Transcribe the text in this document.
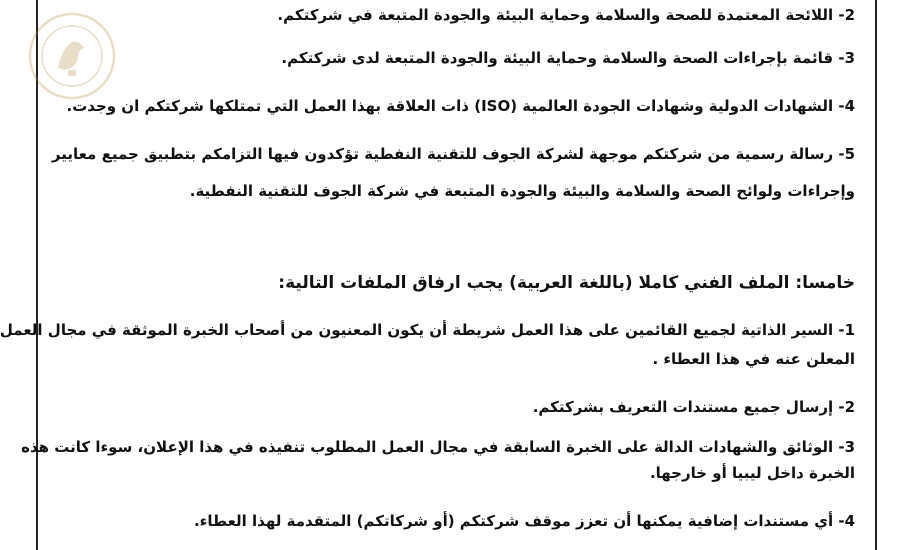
2- اللائحة المعتمدة للصحة والسلامة وحماية البيئة والجودة المتبعة في شركتكم.
3- قائمة بإجراءات الصحة والسلامة وحماية البيئة والجودة المتبعة لدى شركتكم.
4- الشهادات الدولية وشهادات الجودة العالمية (ISO) ذات العلاقة بهذا العمل التي تمتلكها شركتكم ان وجدت.
5- رسالة رسمية من شركتكم موجهة لشركة الجوف للتقنية النفطية تؤكدون فيها التزامكم بتطبيق جميع معايير
وإجراءات ولوائح الصحة والسلامة والبيئة والجودة المتبعة في شركة الجوف للتقنية النفطية.
خامسا: الملف الفني كاملا (باللغة العربية) يجب ارفاق الملفات التالية:
1- السير الذاتية لجميع القائمين على هذا العمل شريطة أن يكون المعنيون من أصحاب الخبرة الموثقة في مجال العمل
المعلن عنه في هذا العطاء .
2- إرسال جميع مستندات التعريف بشركتكم.
3- الوثائق والشهادات الدالة على الخبرة السابقة في مجال العمل المطلوب تنفيذه في هذا الإعلان، سوءا كانت هذه
الخبرة داخل ليبيا أو خارجها.
4- أي مستندات إضافية يمكنها أن تعزز موقف شركتكم (أو شركاتكم) المتقدمة لهذا العطاء.
